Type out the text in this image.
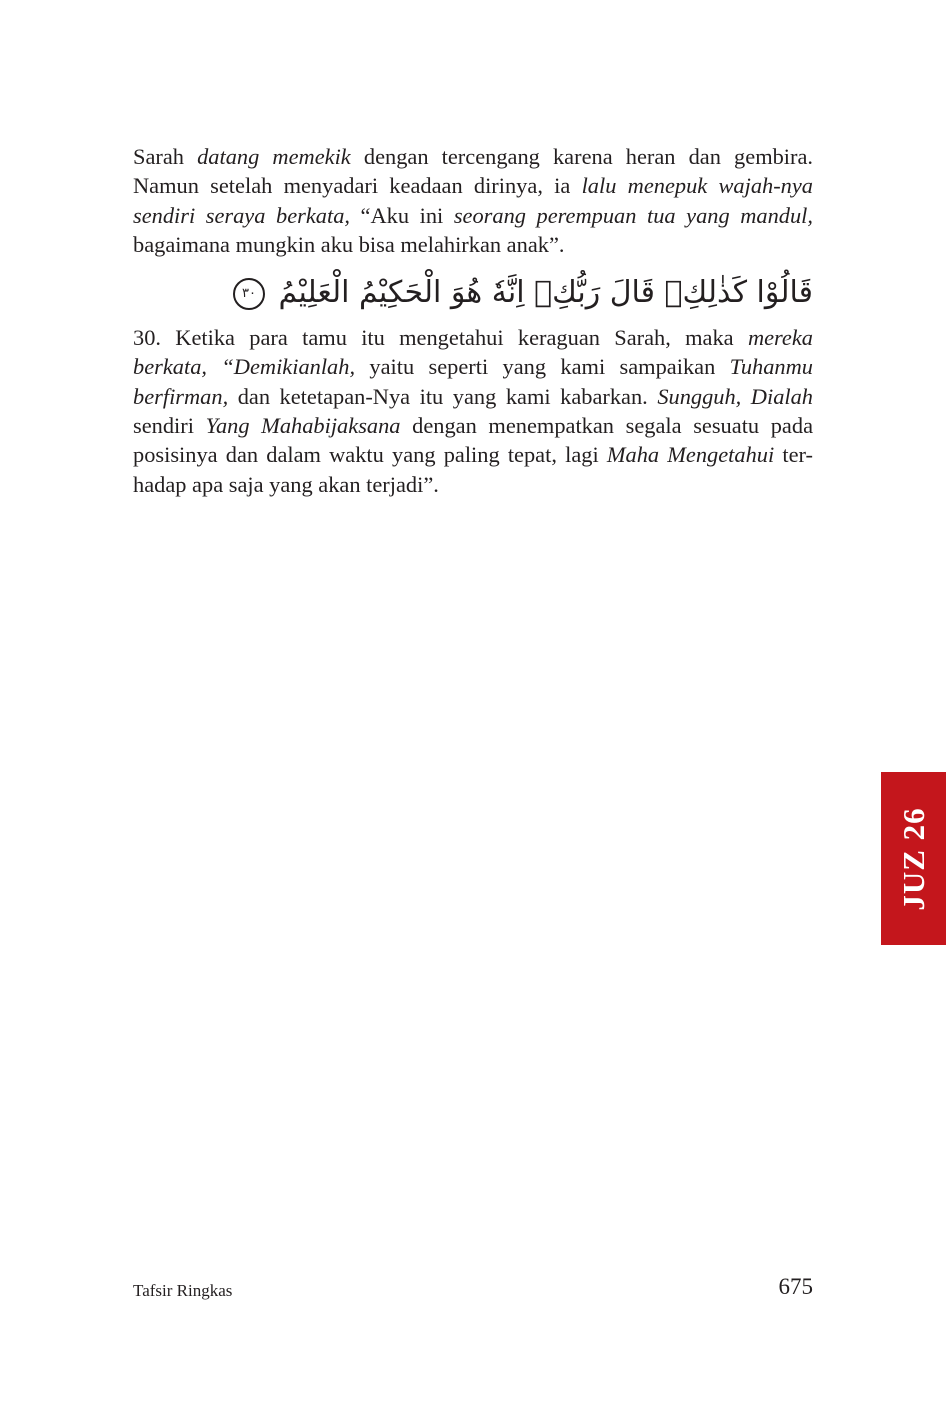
Sarah datang memekik dengan tercengang karena heran dan gembira. Namun setelah menyadari keadaan dirinya, ia lalu menepuk wajah-nya sendiri seraya berkata, “Aku ini seorang perempuan tua yang mandul, bagaimana mungkin aku bisa melahirkan anak”.

قَالُوْا كَذٰلِكِۙ قَالَ رَبُّكِۗ اِنَّهٗ هُوَ الْحَكِيْمُ الْعَلِيْمُ ٣٠

30. Ketika para tamu itu mengetahui keraguan Sarah, maka mereka berkata, “Demikianlah, yaitu seperti yang kami sampaikan Tuhanmu berfirman, dan ketetapan-Nya itu yang kami kabarkan. Sungguh, Dialah sendiri Yang Mahabijaksana dengan menempatkan segala sesuatu pada posisinya dan dalam waktu yang paling tepat, lagi Maha Mengetahui ter-hadap apa saja yang akan terjadi”.

JUZ 26
Tafsir Ringkas	675
